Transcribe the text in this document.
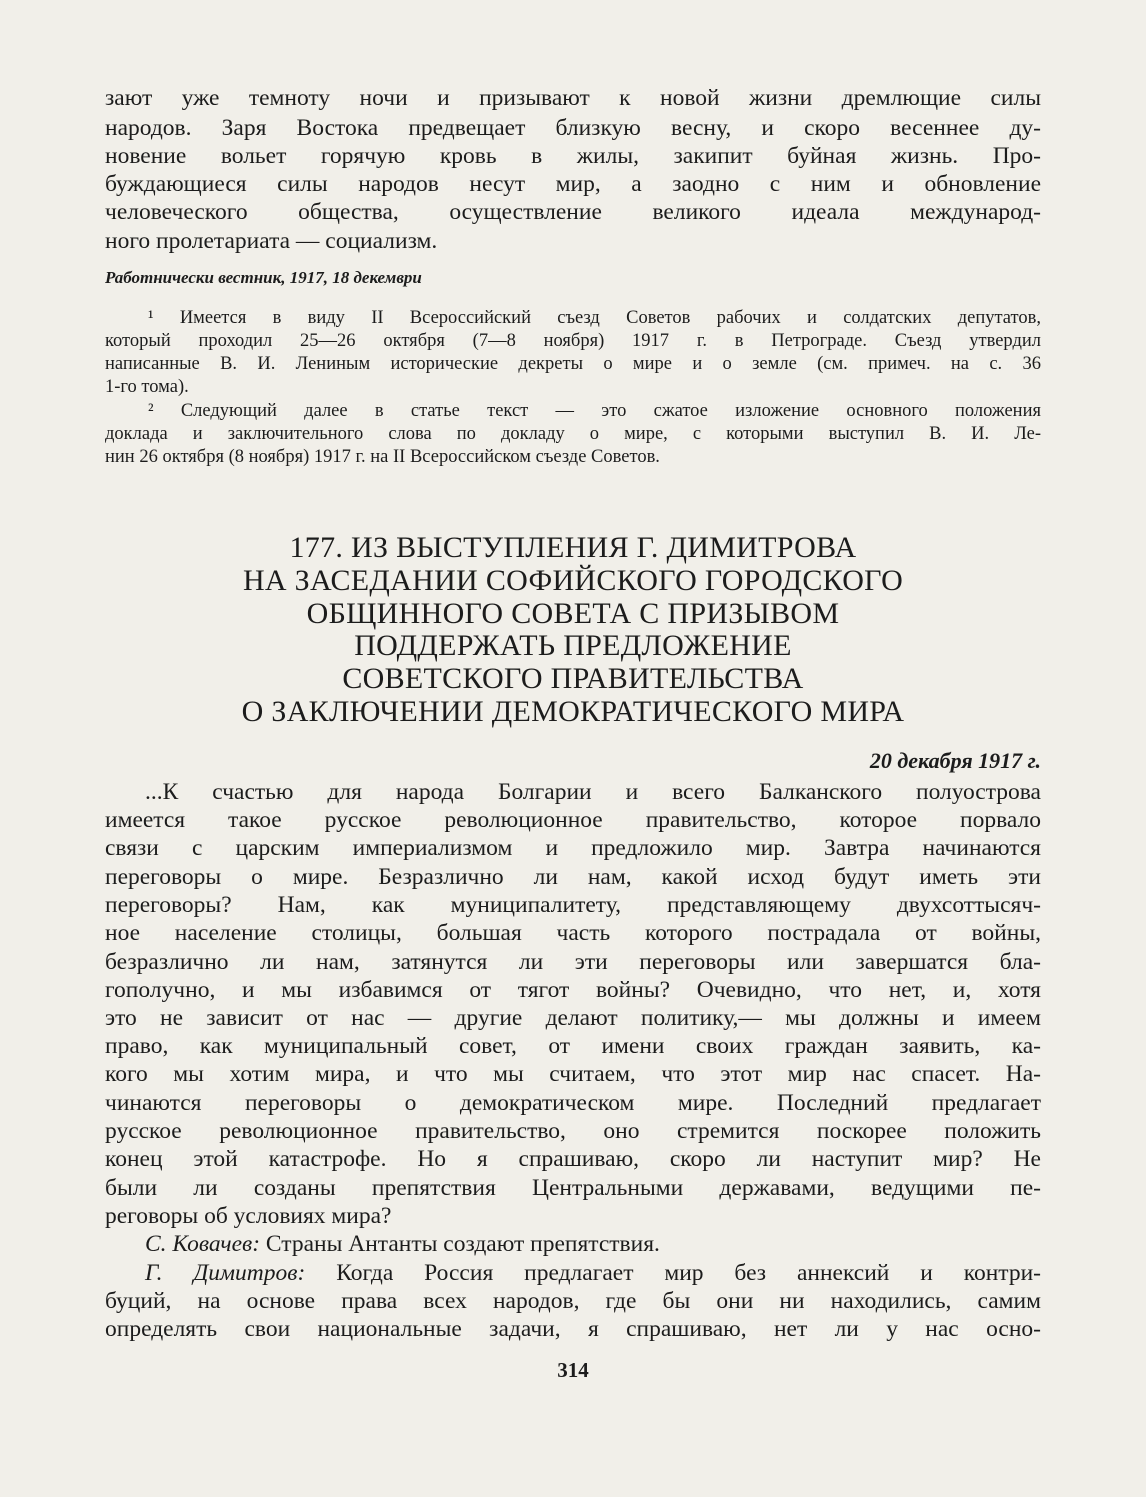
зают уже темноту ночи и призывают к новой жизни дремлющие силы
народов. Заря Востока предвещает близкую весну, и скоро весеннее ду-
новение вольет горячую кровь в жилы, закипит буйная жизнь. Про-
буждающиеся силы народов несут мир, а заодно с ним и обновление
человеческого общества, осуществление великого идеала международ-
ного пролетариата — социализм.
Работнически вестник, 1917, 18 декември
¹ Имеется в виду II Всероссийский съезд Советов рабочих и солдатских депутатов,
который проходил 25—26 октября (7—8 ноября) 1917 г. в Петрограде. Съезд утвердил
написанные В. И. Лениным исторические декреты о мире и о земле (см. примеч. на с. 36
1-го тома).
² Следующий далее в статье текст — это сжатое изложение основного положения
доклада и заключительного слова по докладу о мире, с которыми выступил В. И. Ле-
нин 26 октября (8 ноября) 1917 г. на II Всероссийском съезде Советов.
177. ИЗ ВЫСТУПЛЕНИЯ Г. ДИМИТРОВА
НА ЗАСЕДАНИИ СОФИЙСКОГО ГОРОДСКОГО
ОБЩИННОГО СОВЕТА С ПРИЗЫВОМ
ПОДДЕРЖАТЬ ПРЕДЛОЖЕНИЕ
СОВЕТСКОГО ПРАВИТЕЛЬСТВА
О ЗАКЛЮЧЕНИИ ДЕМОКРАТИЧЕСКОГО МИРА
20 декабря 1917 г.
...К счастью для народа Болгарии и всего Балканского полуострова
имеется такое русское революционное правительство, которое порвало
связи с царским империализмом и предложило мир. Завтра начинаются
переговоры о мире. Безразлично ли нам, какой исход будут иметь эти
переговоры? Нам, как муниципалитету, представляющему двухсоттысяч-
ное население столицы, большая часть которого пострадала от войны,
безразлично ли нам, затянутся ли эти переговоры или завершатся бла-
гополучно, и мы избавимся от тягот войны? Очевидно, что нет, и, хотя
это не зависит от нас — другие делают политику,— мы должны и имеем
право, как муниципальный совет, от имени своих граждан заявить, ка-
кого мы хотим мира, и что мы считаем, что этот мир нас спасет. На-
чинаются переговоры о демократическом мире. Последний предлагает
русское революционное правительство, оно стремится поскорее положить
конец этой катастрофе. Но я спрашиваю, скоро ли наступит мир? Не
были ли созданы препятствия Центральными державами, ведущими пе-
реговоры об условиях мира?
С. Ковачев: Страны Антанты создают препятствия.
Г. Димитров: Когда Россия предлагает мир без аннексий и контри-
буций, на основе права всех народов, где бы они ни находились, самим
определять свои национальные задачи, я спрашиваю, нет ли у нас осно-
314
